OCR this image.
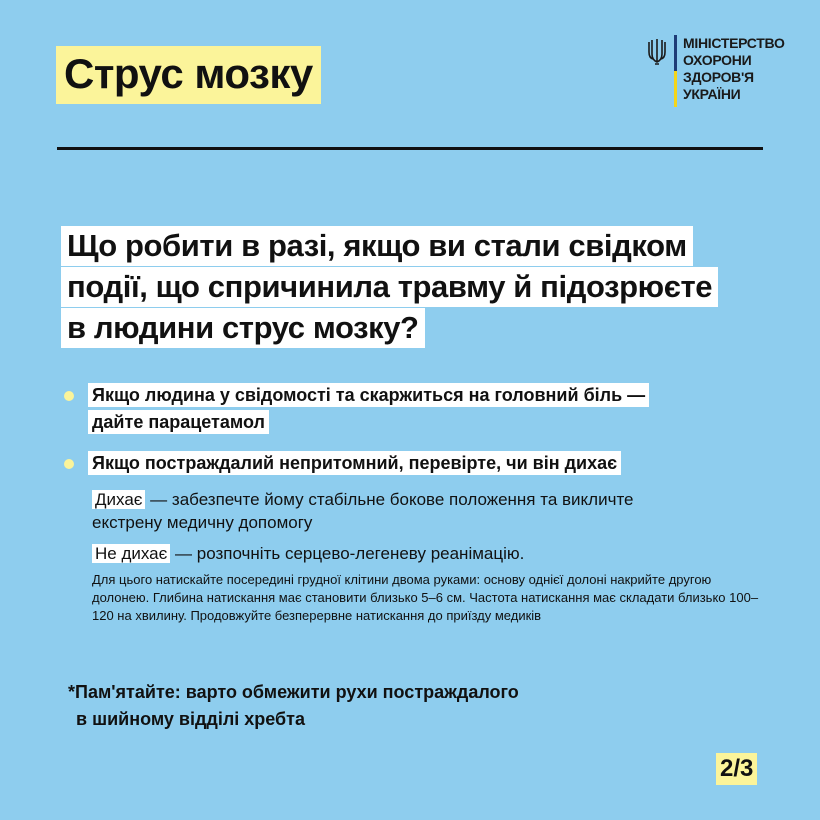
Струс мозку
МІНІСТЕРСТВО
ОХОРОНИ
ЗДОРОВ'Я
УКРАЇНИ
Що робити в разі, якщо ви стали свідком
події, що спричинила травму й підозрюєте
в людини струс мозку?
Якщо людина у свідомості та скаржиться на головний біль —
дайте парацетамол
Якщо постраждалий непритомний, перевірте, чи він дихає
Дихає — забезпечте йому стабільне бокове положення та викличте екстрену медичну допомогу
Не дихає — розпочніть серцево-легеневу реанімацію.
Для цього натискайте посередині грудної клітини двома руками: основу однієї долоні накрийте другою долонею. Глибина натискання має становити близько 5–6 см. Частота натискання має складати близько 100–120 на хвилину. Продовжуйте безперервне натискання до приїзду медиків
*Пам'ятайте: варто обмежити рухи постраждалого
в шийному відділі хребта
2/3
